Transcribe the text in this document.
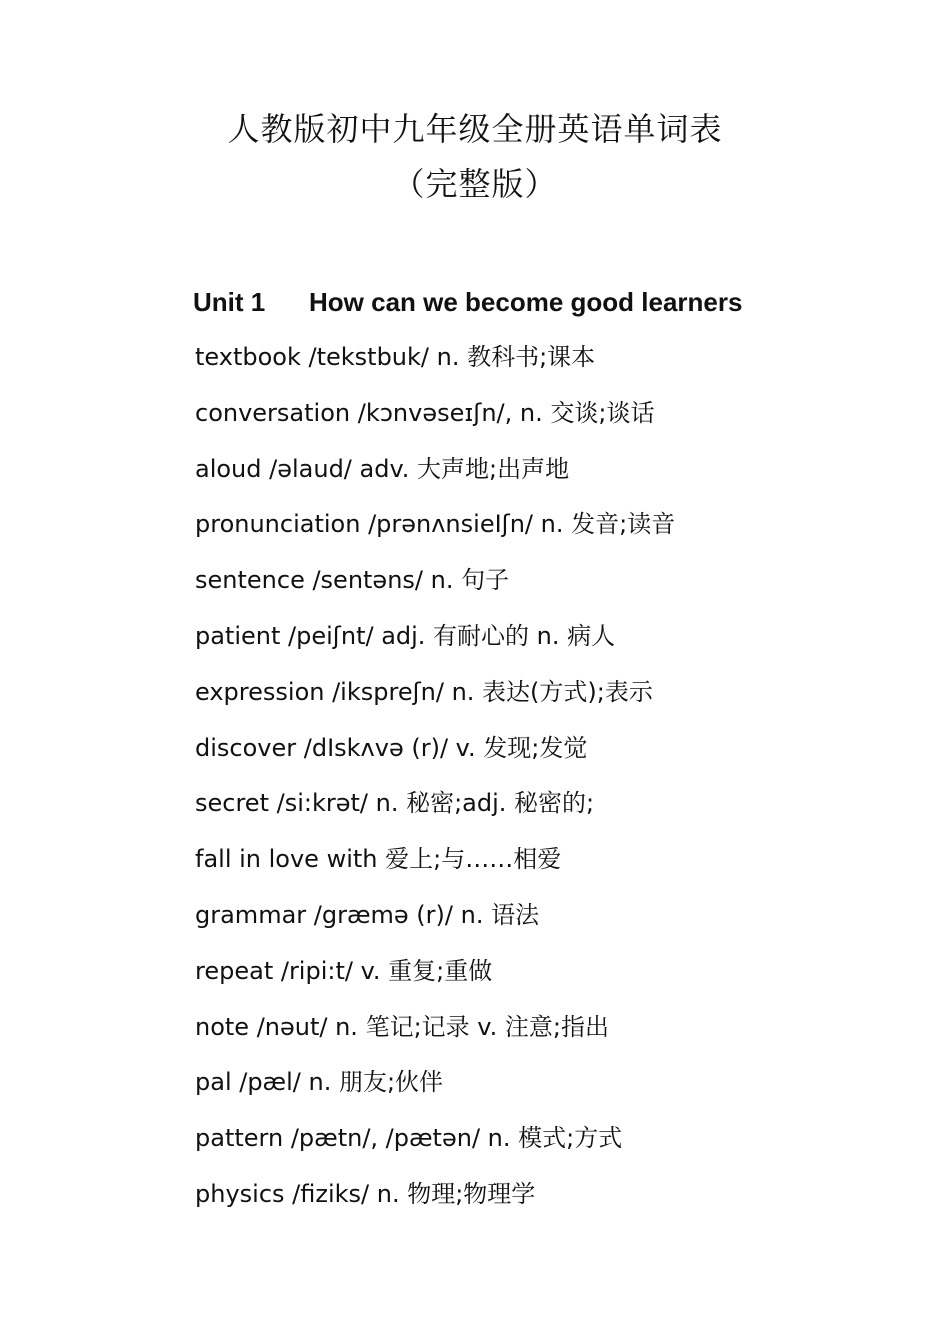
人教版初中九年级全册英语单词表
（完整版）
Unit 1 How can we become good learners
textbook /tekstbuk/ n. 教科书;课本
conversation /kɔnvəseɪʃn/, n. 交谈;谈话
aloud /əlaud/ adv. 大声地;出声地
pronunciation /prənʌnsieIʃn/ n. 发音;读音
sentence /sentəns/ n. 句子
patient /peiʃnt/ adj. 有耐心的 n. 病人
expression /ikspreʃn/ n. 表达(方式);表示
discover /dIskʌvə (r)/ v. 发现;发觉
secret /si:krət/ n. 秘密;adj. 秘密的;
fall in love with 爱上;与……相爱
grammar /græmə (r)/ n. 语法
repeat /ripi:t/ v. 重复;重做
note /nəut/ n. 笔记;记录 v. 注意;指出
pal /pæl/ n. 朋友;伙伴
pattern /pætn/, /pætən/ n. 模式;方式
physics /fiziks/ n. 物理;物理学
